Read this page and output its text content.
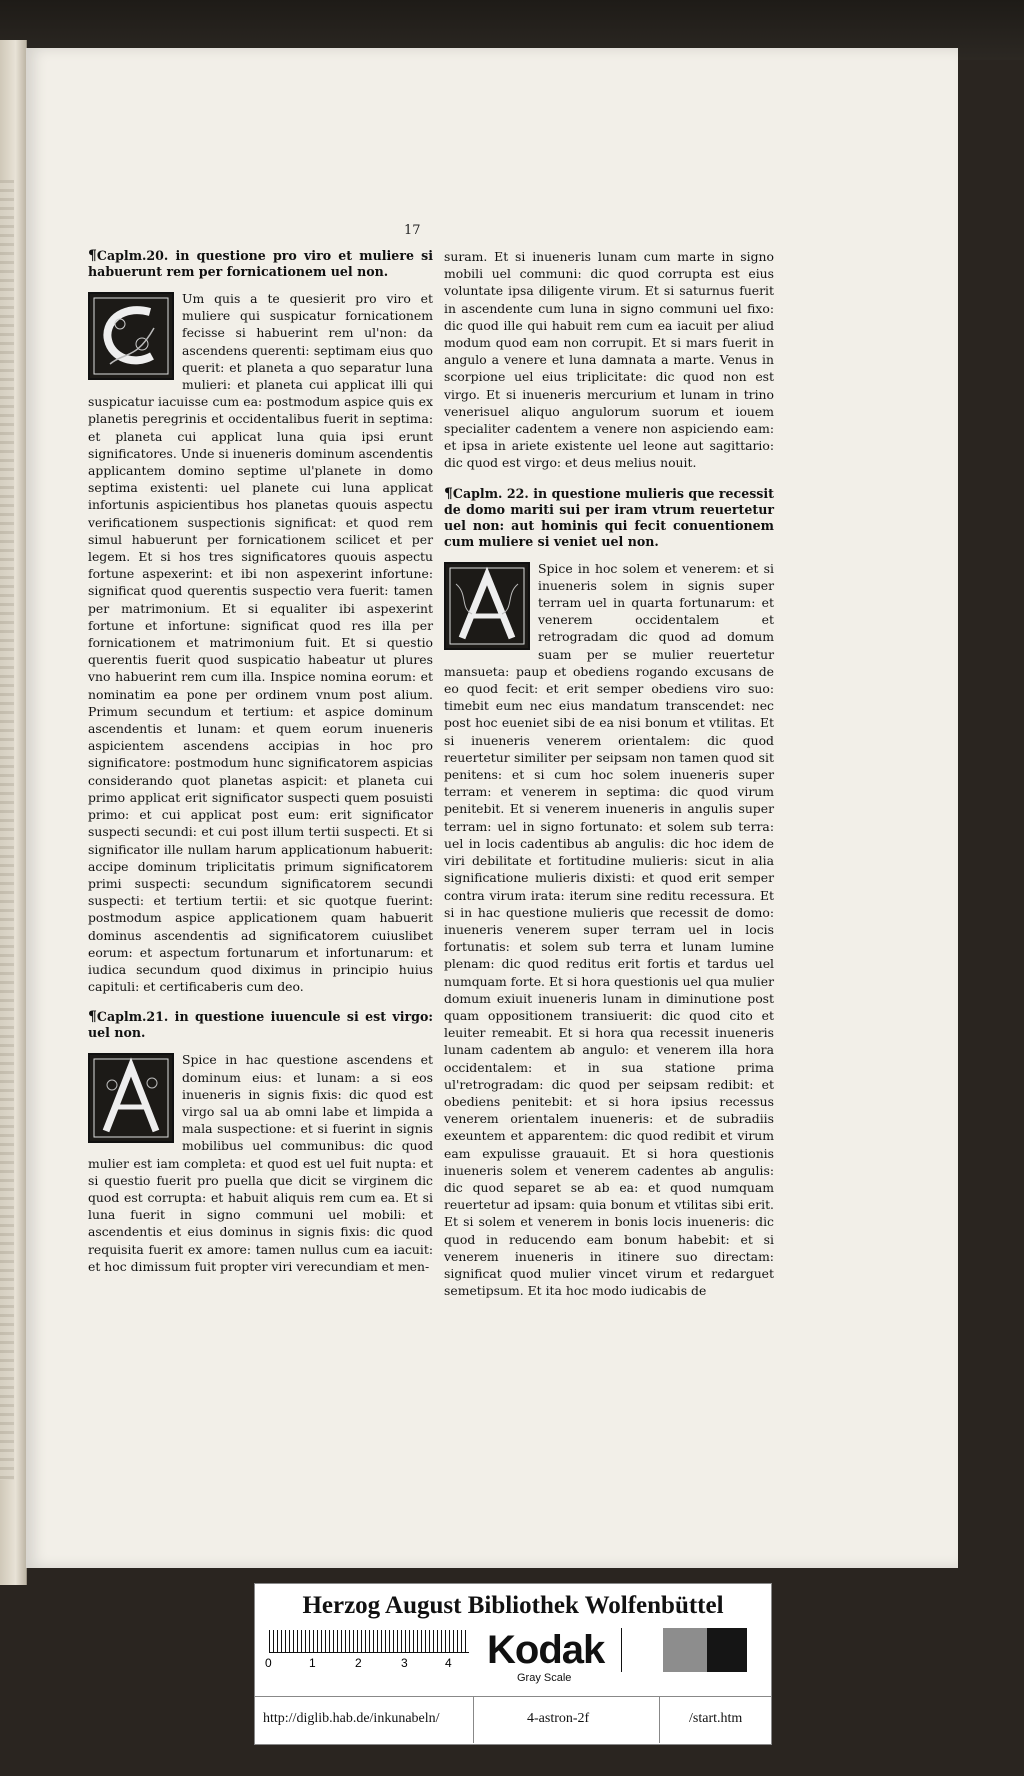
17

¶Caplm.20. in questione pro viro et muliere si habuerunt rem per fornicationem uel non.

Um quis a te quesierit pro viro et muliere qui suspicatur fornicationem fecisse si habuerint rem ul'non: da ascendens querenti: septimam eius quo querit: et planeta a quo separatur luna mulieri: et planeta cui applicat illi qui suspicatur iacuisse cum ea: postmodum aspice quis ex planetis peregrinis et occidentalibus fuerit in septima: et planeta cui applicat luna quia ipsi erunt significatores. Unde si inueneris dominum ascendentis applicantem domino septime ul'planete in domo septima existenti: uel planete cui luna applicat infortunis aspicientibus hos planetas quouis aspectu verificationem suspectionis significat: et quod rem simul habuerunt per fornicationem scilicet et per legem. Et si hos tres significatores quouis aspectu fortune aspexerint: et ibi non aspexerint infortune: significat quod querentis suspectio vera fuerit: tamen per matrimonium. Et si equaliter ibi aspexerint fortune et infortune: significat quod res illa per fornicationem et matrimonium fuit. Et si questio querentis fuerit quod suspicatio habeatur ut plures vno habuerint rem cum illa. Inspice nomina eorum: et nominatim ea pone per ordinem vnum post alium. Primum secundum et tertium: et aspice dominum ascendentis et lunam: et quem eorum inueneris aspicientem ascendens accipias in hoc pro significatore: postmodum hunc significatorem aspicias considerando quot planetas aspicit: et planeta cui primo applicat erit significator suspecti quem posuisti primo: et cui applicat post eum: erit significator suspecti secundi: et cui post illum tertii suspecti. Et si significator ille nullam harum applicationum habuerit: accipe dominum triplicitatis primum significatorem primi suspecti: secundum significatorem secundi suspecti: et tertium tertii: et sic quotque fuerint: postmodum aspice applicationem quam habuerit dominus ascendentis ad significatorem cuiuslibet eorum: et aspectum fortunarum et infortunarum: et iudica secundum quod diximus in principio huius capituli: et certificaberis cum deo.

¶Caplm.21. in questione iuuencule si est virgo: uel non.

Spice in hac questione ascendens et dominum eius: et lunam: a si eos inueneris in signis fixis: dic quod est virgo sal ua ab omni labe et limpida a mala suspectione: et si fuerint in signis mobilibus uel communibus: dic quod mulier est iam completa: et quod est uel fuit nupta: et si questio fuerit pro puella que dicit se virginem dic quod est corrupta: et habuit aliquis rem cum ea. Et si luna fuerit in signo communi uel mobili: et ascendentis et eius dominus in signis fixis: dic quod requisita fuerit ex amore: tamen nullus cum ea iacuit: et hoc dimissum fuit propter viri verecundiam et men-
suram. Et si inueneris lunam cum marte in signo mobili uel communi: dic quod corrupta est eius voluntate ipsa diligente virum. Et si saturnus fuerit in ascendente cum luna in signo communi uel fixo: dic quod ille qui habuit rem cum ea iacuit per aliud modum quod eam non corrupit. Et si mars fuerit in angulo a venere et luna damnata a marte. Venus in scorpione uel eius triplicitate: dic quod non est virgo. Et si inueneris mercurium et lunam in trino venerisuel aliquo angulorum suorum et iouem specialiter cadentem a venere non aspiciendo eam: et ipsa in ariete existente uel leone aut sagittario: dic quod est virgo: et deus melius nouit.

¶Caplm. 22. in questione mulieris que recessit de domo mariti sui per iram vtrum reuertetur uel non: aut hominis qui fecit conuentionem cum muliere si veniet uel non.

Spice in hoc solem et venerem: et si inueneris solem in signis super terram uel in quarta fortunarum: et venerem occidentalem et retrogradam dic quod ad domum suam per se mulier reuertetur mansueta: paup et obediens rogando excusans de eo quod fecit: et erit semper obediens viro suo: timebit eum nec eius mandatum transcendet: nec post hoc eueniet sibi de ea nisi bonum et vtilitas. Et si inueneris venerem orientalem: dic quod reuertetur similiter per seipsam non tamen quod sit penitens: et si cum hoc solem inueneris super terram: et venerem in septima: dic quod virum penitebit. Et si venerem inueneris in angulis super terram: uel in signo fortunato: et solem sub terra: uel in locis cadentibus ab angulis: dic hoc idem de viri debilitate et fortitudine mulieris: sicut in alia significatione mulieris dixisti: et quod erit semper contra virum irata: iterum sine reditu recessura. Et si in hac questione mulieris que recessit de domo: inueneris venerem super terram uel in locis fortunatis: et solem sub terra et lunam lumine plenam: dic quod reditus erit fortis et tardus uel numquam forte. Et si hora questionis uel qua mulier domum exiuit inueneris lunam in diminutione post quam oppositionem transiuerit: dic quod cito et leuiter remeabit. Et si hora qua recessit inueneris lunam cadentem ab angulo: et venerem illa hora occidentalem: et in sua statione prima ul'retrogradam: dic quod per seipsam redibit: et obediens penitebit: et si hora ipsius recessus venerem orientalem inueneris: et de subradiis exeuntem et apparentem: dic quod redibit et virum eam expulisse grauauit. Et si hora questionis inueneris solem et venerem cadentes ab angulis: dic quod separet se ab ea: et quod numquam reuertetur ad ipsam: quia bonum et vtilitas sibi erit. Et si solem et venerem in bonis locis inueneris: dic quod in reducendo eam bonum habebit: et si venerem inueneris in itinere suo directam: significat quod mulier vincet virum et redarguet semetipsum. Et ita hoc modo iudicabis de
Herzog August Bibliothek Wolfenbüttel
0	1	2	3	4 Kodak
Gray Scale
http://diglib.hab.de/inkunabeln/	4-astron-2f	/start.htm
